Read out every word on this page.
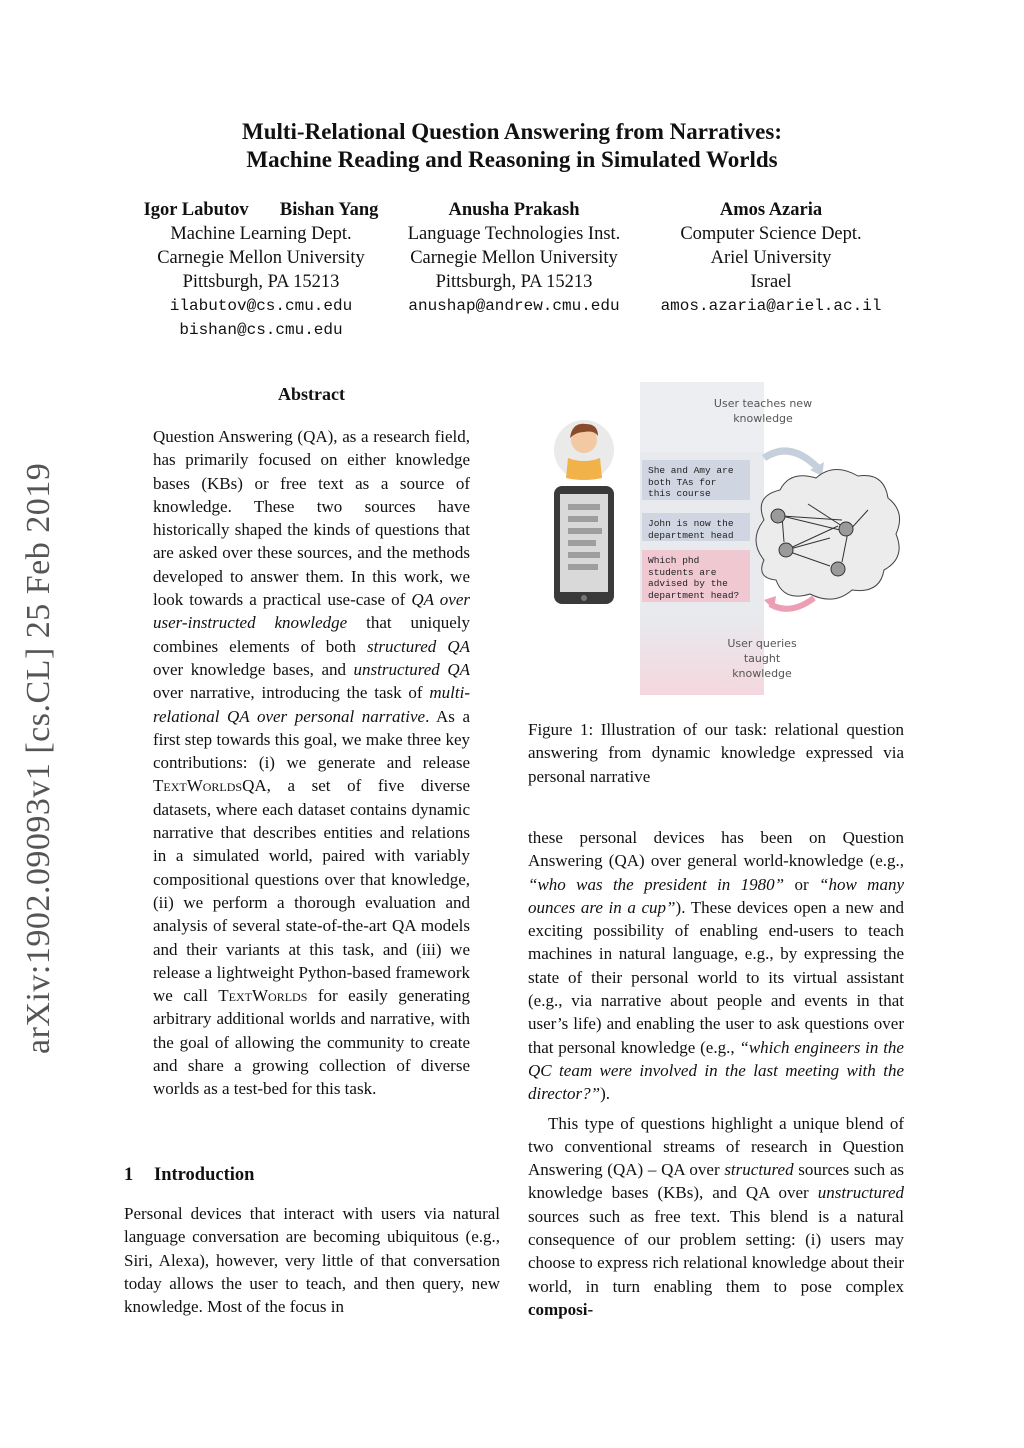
Multi-Relational Question Answering from Narratives:
Machine Reading and Reasoning in Simulated Worlds
Igor Labutov Bishan Yang
Machine Learning Dept.
Carnegie Mellon University
Pittsburgh, PA 15213
ilabutov@cs.cmu.edu
bishan@cs.cmu.edu
Anusha Prakash
Language Technologies Inst.
Carnegie Mellon University
Pittsburgh, PA 15213
anushap@andrew.cmu.edu
Amos Azaria
Computer Science Dept.
Ariel University
Israel
amos.azaria@ariel.ac.il
arXiv:1902.09093v1 [cs.CL] 25 Feb 2019
Abstract

Question Answering (QA), as a research field, has primarily focused on either knowledge bases (KBs) or free text as a source of knowledge. These two sources have historically shaped the kinds of questions that are asked over these sources, and the methods developed to answer them. In this work, we look towards a practical use-case of QA over user-instructed knowledge that uniquely combines elements of both structured QA over knowledge bases, and unstructured QA over narrative, introducing the task of multi-relational QA over personal narrative. As a first step towards this goal, we make three key contributions: (i) we generate and release TextWorldsQA, a set of five diverse datasets, where each dataset contains dynamic narrative that describes entities and relations in a simulated world, paired with variably compositional questions over that knowledge, (ii) we perform a thorough evaluation and analysis of several state-of-the-art QA models and their variants at this task, and (iii) we release a lightweight Python-based framework we call TextWorlds for easily generating arbitrary additional worlds and narrative, with the goal of allowing the community to create and share a growing collection of diverse worlds as a test-bed for this task.

1 Introduction

Personal devices that interact with users via natural language conversation are becoming ubiquitous (e.g., Siri, Alexa), however, very little of that conversation today allows the user to teach, and then query, new knowledge. Most of the focus in

User teaches new knowledge
She and Amy are both TAs for this course
John is now the department head
Which phd students are advised by the department head?
User queries taught knowledge
Figure 1: Illustration of our task: relational question answering from dynamic knowledge expressed via personal narrative

these personal devices has been on Question Answering (QA) over general world-knowledge (e.g., “who was the president in 1980” or “how many ounces are in a cup”). These devices open a new and exciting possibility of enabling end-users to teach machines in natural language, e.g., by expressing the state of their personal world to its virtual assistant (e.g., via narrative about people and events in that user’s life) and enabling the user to ask questions over that personal knowledge (e.g., “which engineers in the QC team were involved in the last meeting with the director?”).

This type of questions highlight a unique blend of two conventional streams of research in Question Answering (QA) – QA over structured sources such as knowledge bases (KBs), and QA over unstructured sources such as free text. This blend is a natural consequence of our problem setting: (i) users may choose to express rich relational knowledge about their world, in turn enabling them to pose complex composi-
